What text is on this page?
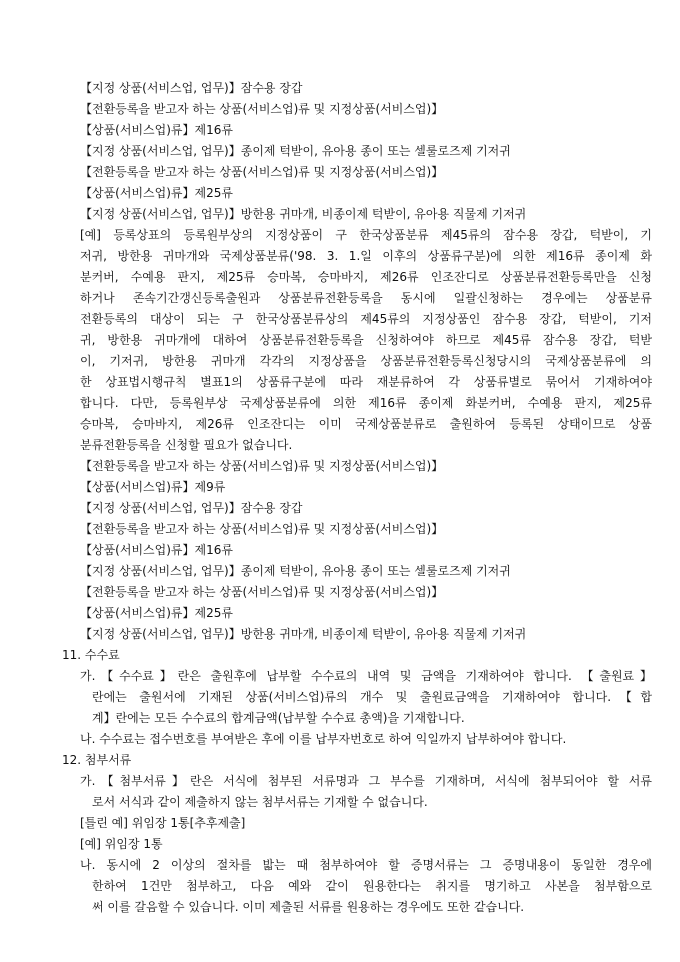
【지정 상품(서비스업, 업무)】잠수용 장갑
【전환등록을 받고자 하는 상품(서비스업)류 및 지정상품(서비스업)】
【상품(서비스업)류】제16류
【지정 상품(서비스업, 업무)】종이제 턱받이, 유아용 종이 또는 셀룰로즈제 기저귀
【전환등록을 받고자 하는 상품(서비스업)류 및 지정상품(서비스업)】
【상품(서비스업)류】제25류
【지정 상품(서비스업, 업무)】방한용 귀마개, 비종이제 턱받이, 유아용 직물제 기저귀
[예] 등록상표의 등록원부상의 지정상품이 구 한국상품분류 제45류의 잠수용 장갑, 턱받이, 기
저귀, 방한용 귀마개와 국제상품분류('98. 3. 1.일 이후의 상품류구분)에 의한 제16류 종이제 화
분커버, 수예용 판지, 제25류 승마복, 승마바지, 제26류 인조잔디로 상품분류전환등록만을 신청
하거나 존속기간갱신등록출원과 상품분류전환등록을 동시에 일괄신청하는 경우에는 상품분류
전환등록의 대상이 되는 구 한국상품분류상의 제45류의 지정상품인 잠수용 장갑, 턱받이, 기저
귀, 방한용 귀마개에 대하여 상품분류전환등록을 신청하여야 하므로 제45류 잠수용 장갑, 턱받
이, 기저귀, 방한용 귀마개 각각의 지정상품을 상품분류전환등록신청당시의 국제상품분류에 의
한 상표법시행규칙 별표1의 상품류구분에 따라 재분류하여 각 상품류별로 묶어서 기재하여야
합니다. 다만, 등록원부상 국제상품분류에 의한 제16류 종이제 화분커버, 수예용 판지, 제25류
승마복, 승마바지, 제26류 인조잔디는 이미 국제상품분류로 출원하여 등록된 상태이므로 상품
분류전환등록을 신청할 필요가 없습니다.
【전환등록을 받고자 하는 상품(서비스업)류 및 지정상품(서비스업)】
【상품(서비스업)류】제9류
【지정 상품(서비스업, 업무)】잠수용 장갑
【전환등록을 받고자 하는 상품(서비스업)류 및 지정상품(서비스업)】
【상품(서비스업)류】제16류
【지정 상품(서비스업, 업무)】종이제 턱받이, 유아용 종이 또는 셀룰로즈제 기저귀
【전환등록을 받고자 하는 상품(서비스업)류 및 지정상품(서비스업)】
【상품(서비스업)류】제25류
【지정 상품(서비스업, 업무)】방한용 귀마개, 비종이제 턱받이, 유아용 직물제 기저귀
11. 수수료
가.【수수료】란은 출원후에 납부할 수수료의 내역 및 금액을 기재하여야 합니다. 【출원료】
란에는 출원서에 기재된 상품(서비스업)류의 개수 및 출원료금액을 기재하여야 합니다.【합
계】란에는 모든 수수료의 합계금액(납부할 수수료 총액)을 기재합니다.
나. 수수료는 접수번호를 부여받은 후에 이를 납부자번호로 하여 익일까지 납부하여야 합니다.
12. 첨부서류
가.【첨부서류】란은 서식에 첨부된 서류명과 그 부수를 기재하며, 서식에 첨부되어야 할 서류
로서 서식과 같이 제출하지 않는 첨부서류는 기재할 수 없습니다.
[틀린 예] 위임장 1통[추후제출]
[예] 위임장 1통
나. 동시에 2 이상의 절차를 밟는 때 첨부하여야 할 증명서류는 그 증명내용이 동일한 경우에
한하여 1건만 첨부하고, 다음 예와 같이 원용한다는 취지를 명기하고 사본을 첨부함으로
써 이를 갈음할 수 있습니다. 이미 제출된 서류를 원용하는 경우에도 또한 같습니다.
